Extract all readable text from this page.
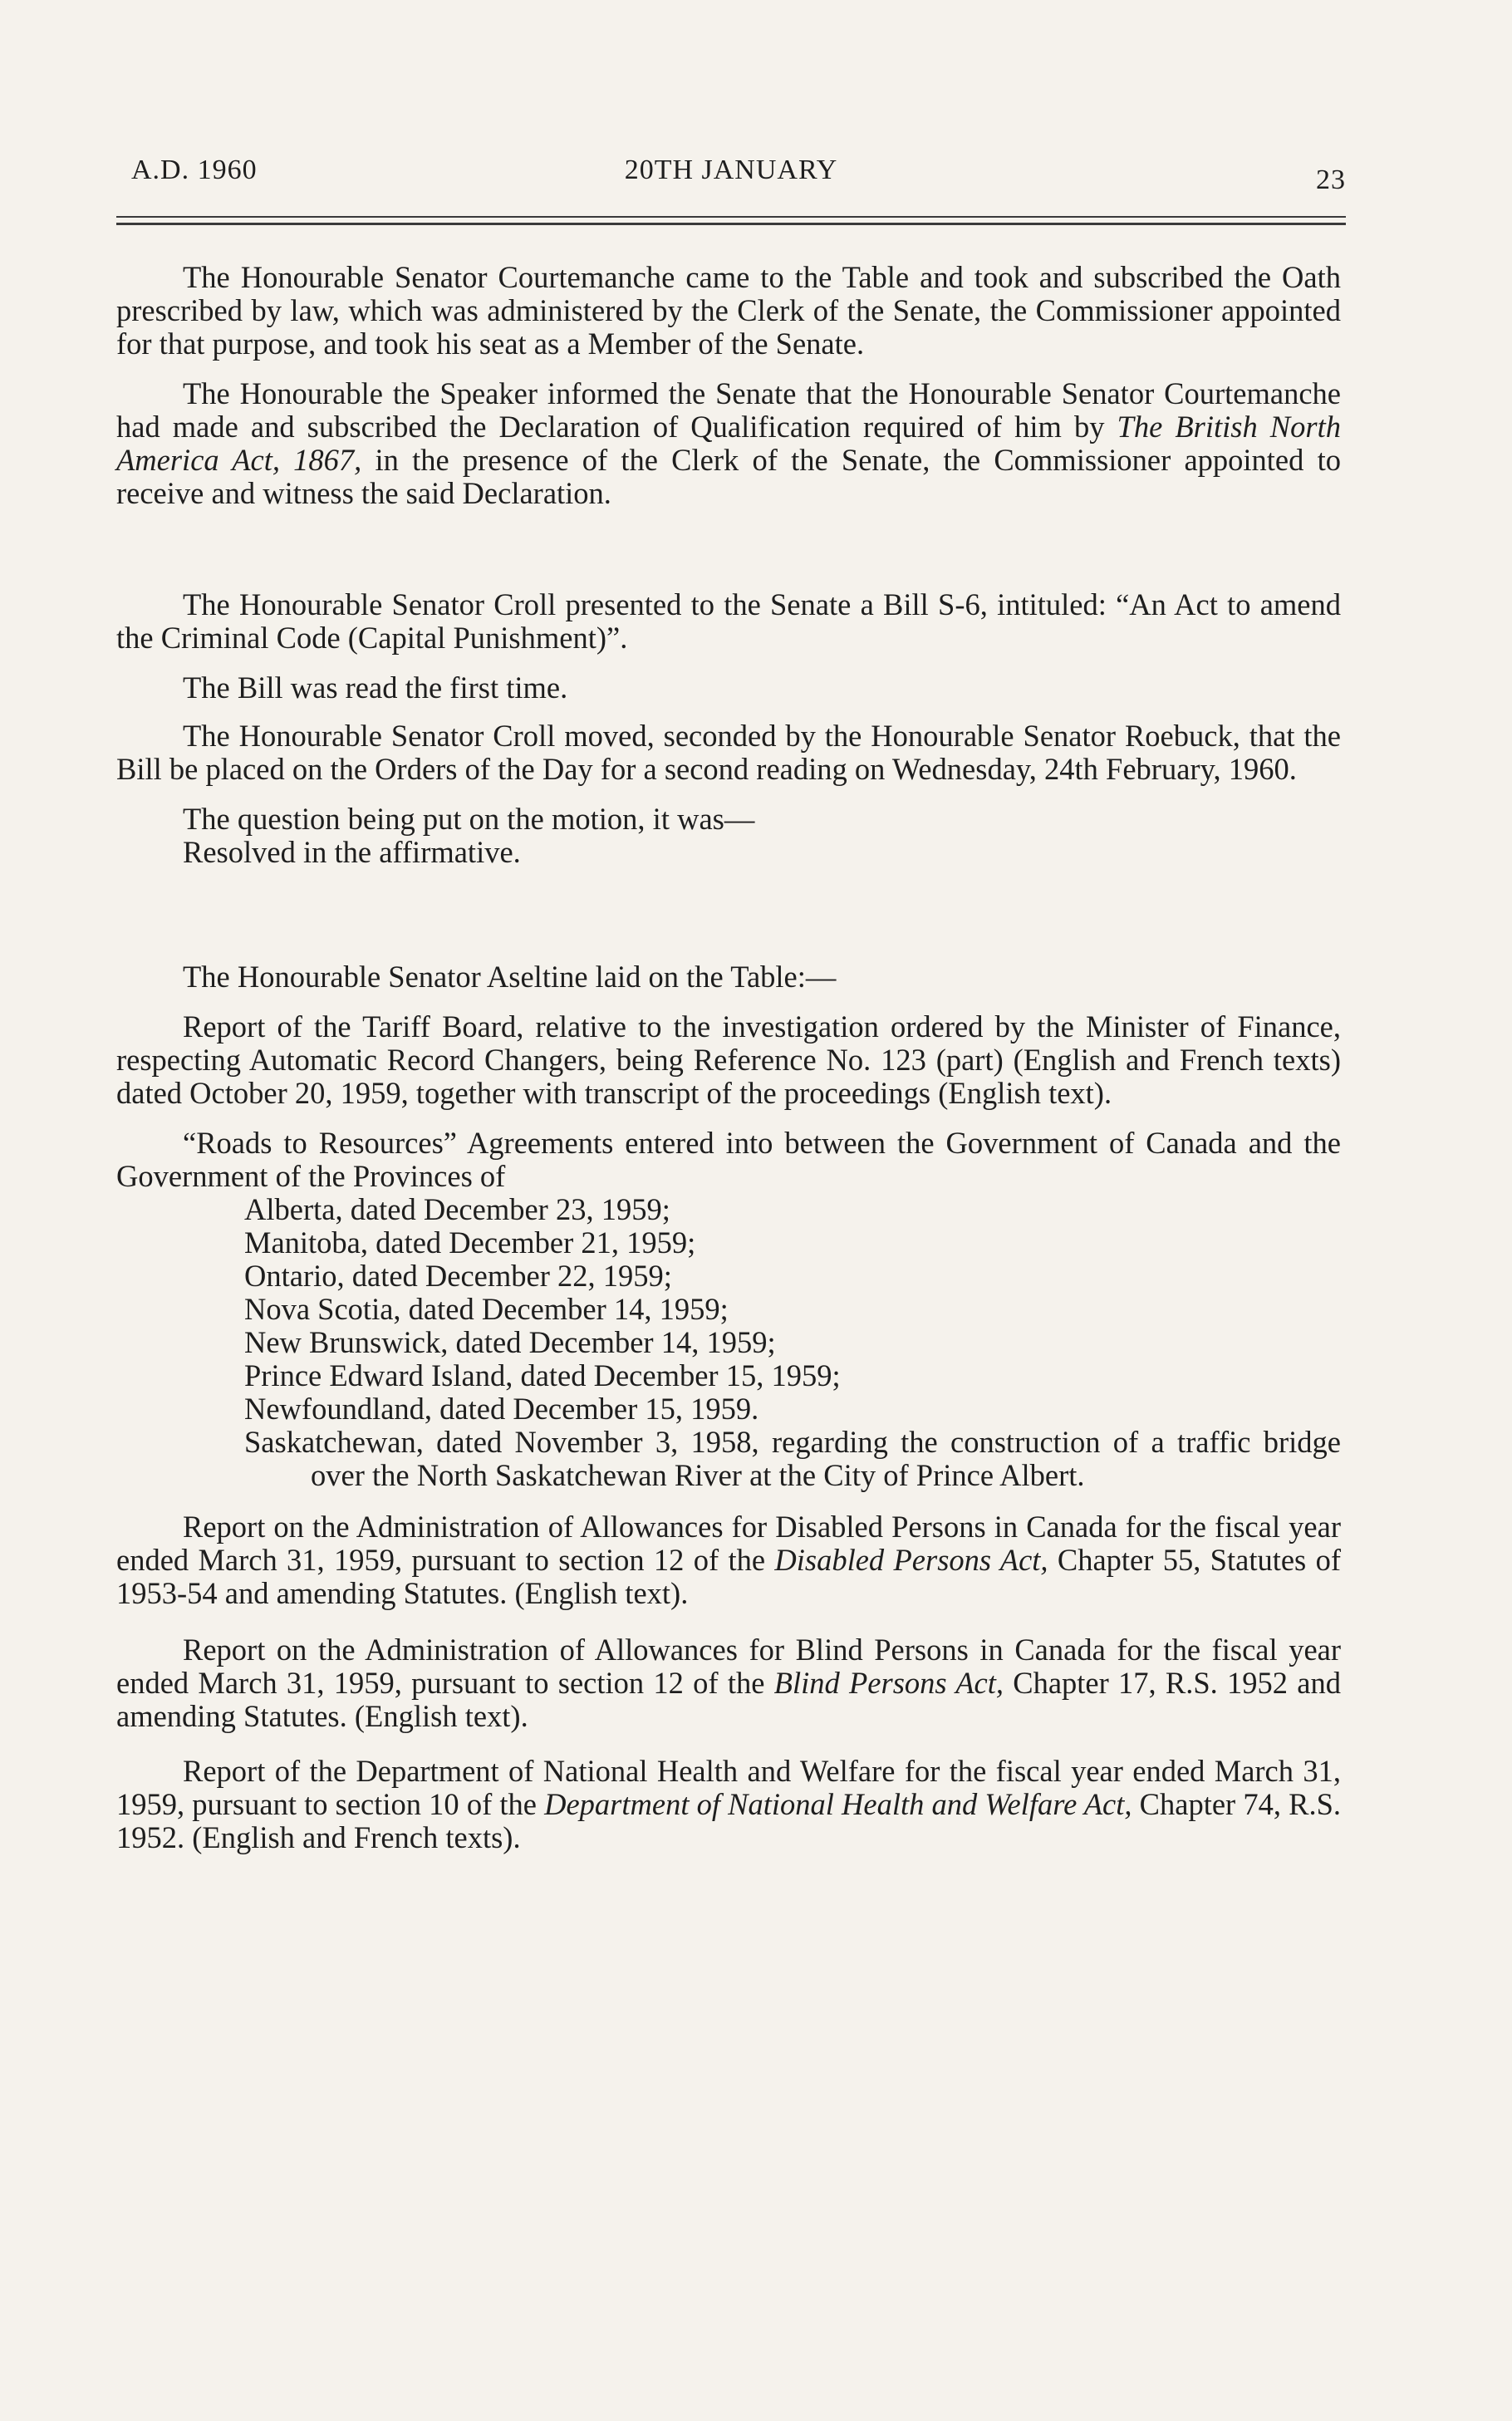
A.D. 1960	20TH JANUARY	23

The Honourable Senator Courtemanche came to the Table and took and subscribed the Oath prescribed by law, which was administered by the Clerk of the Senate, the Commissioner appointed for that purpose, and took his seat as a Member of the Senate.

The Honourable the Speaker informed the Senate that the Honourable Senator Courtemanche had made and subscribed the Declaration of Qualification required of him by The British North America Act, 1867, in the presence of the Clerk of the Senate, the Commissioner appointed to receive and witness the said Declaration.

The Honourable Senator Croll presented to the Senate a Bill S-6, intituled: “An Act to amend the Criminal Code (Capital Punishment)”.

The Bill was read the first time.

The Honourable Senator Croll moved, seconded by the Honourable Senator Roebuck, that the Bill be placed on the Orders of the Day for a second reading on Wednesday, 24th February, 1960.

The question being put on the motion, it was—

Resolved in the affirmative.

The Honourable Senator Aseltine laid on the Table:—

Report of the Tariff Board, relative to the investigation ordered by the Minister of Finance, respecting Automatic Record Changers, being Reference No. 123 (part) (English and French texts) dated October 20, 1959, together with transcript of the proceedings (English text).

“Roads to Resources” Agreements entered into between the Government of Canada and the Government of the Provinces of

Alberta, dated December 23, 1959;
Manitoba, dated December 21, 1959;
Ontario, dated December 22, 1959;
Nova Scotia, dated December 14, 1959;
New Brunswick, dated December 14, 1959;
Prince Edward Island, dated December 15, 1959;
Newfoundland, dated December 15, 1959.
Saskatchewan, dated November 3, 1958, regarding the construction of a traffic bridge over the North Saskatchewan River at the City of Prince Albert.

Report on the Administration of Allowances for Disabled Persons in Canada for the fiscal year ended March 31, 1959, pursuant to section 12 of the Disabled Persons Act, Chapter 55, Statutes of 1953-54 and amending Statutes. (English text).

Report on the Administration of Allowances for Blind Persons in Canada for the fiscal year ended March 31, 1959, pursuant to section 12 of the Blind Persons Act, Chapter 17, R.S. 1952 and amending Statutes. (English text).

Report of the Department of National Health and Welfare for the fiscal year ended March 31, 1959, pursuant to section 10 of the Department of National Health and Welfare Act, Chapter 74, R.S. 1952. (English and French texts).
